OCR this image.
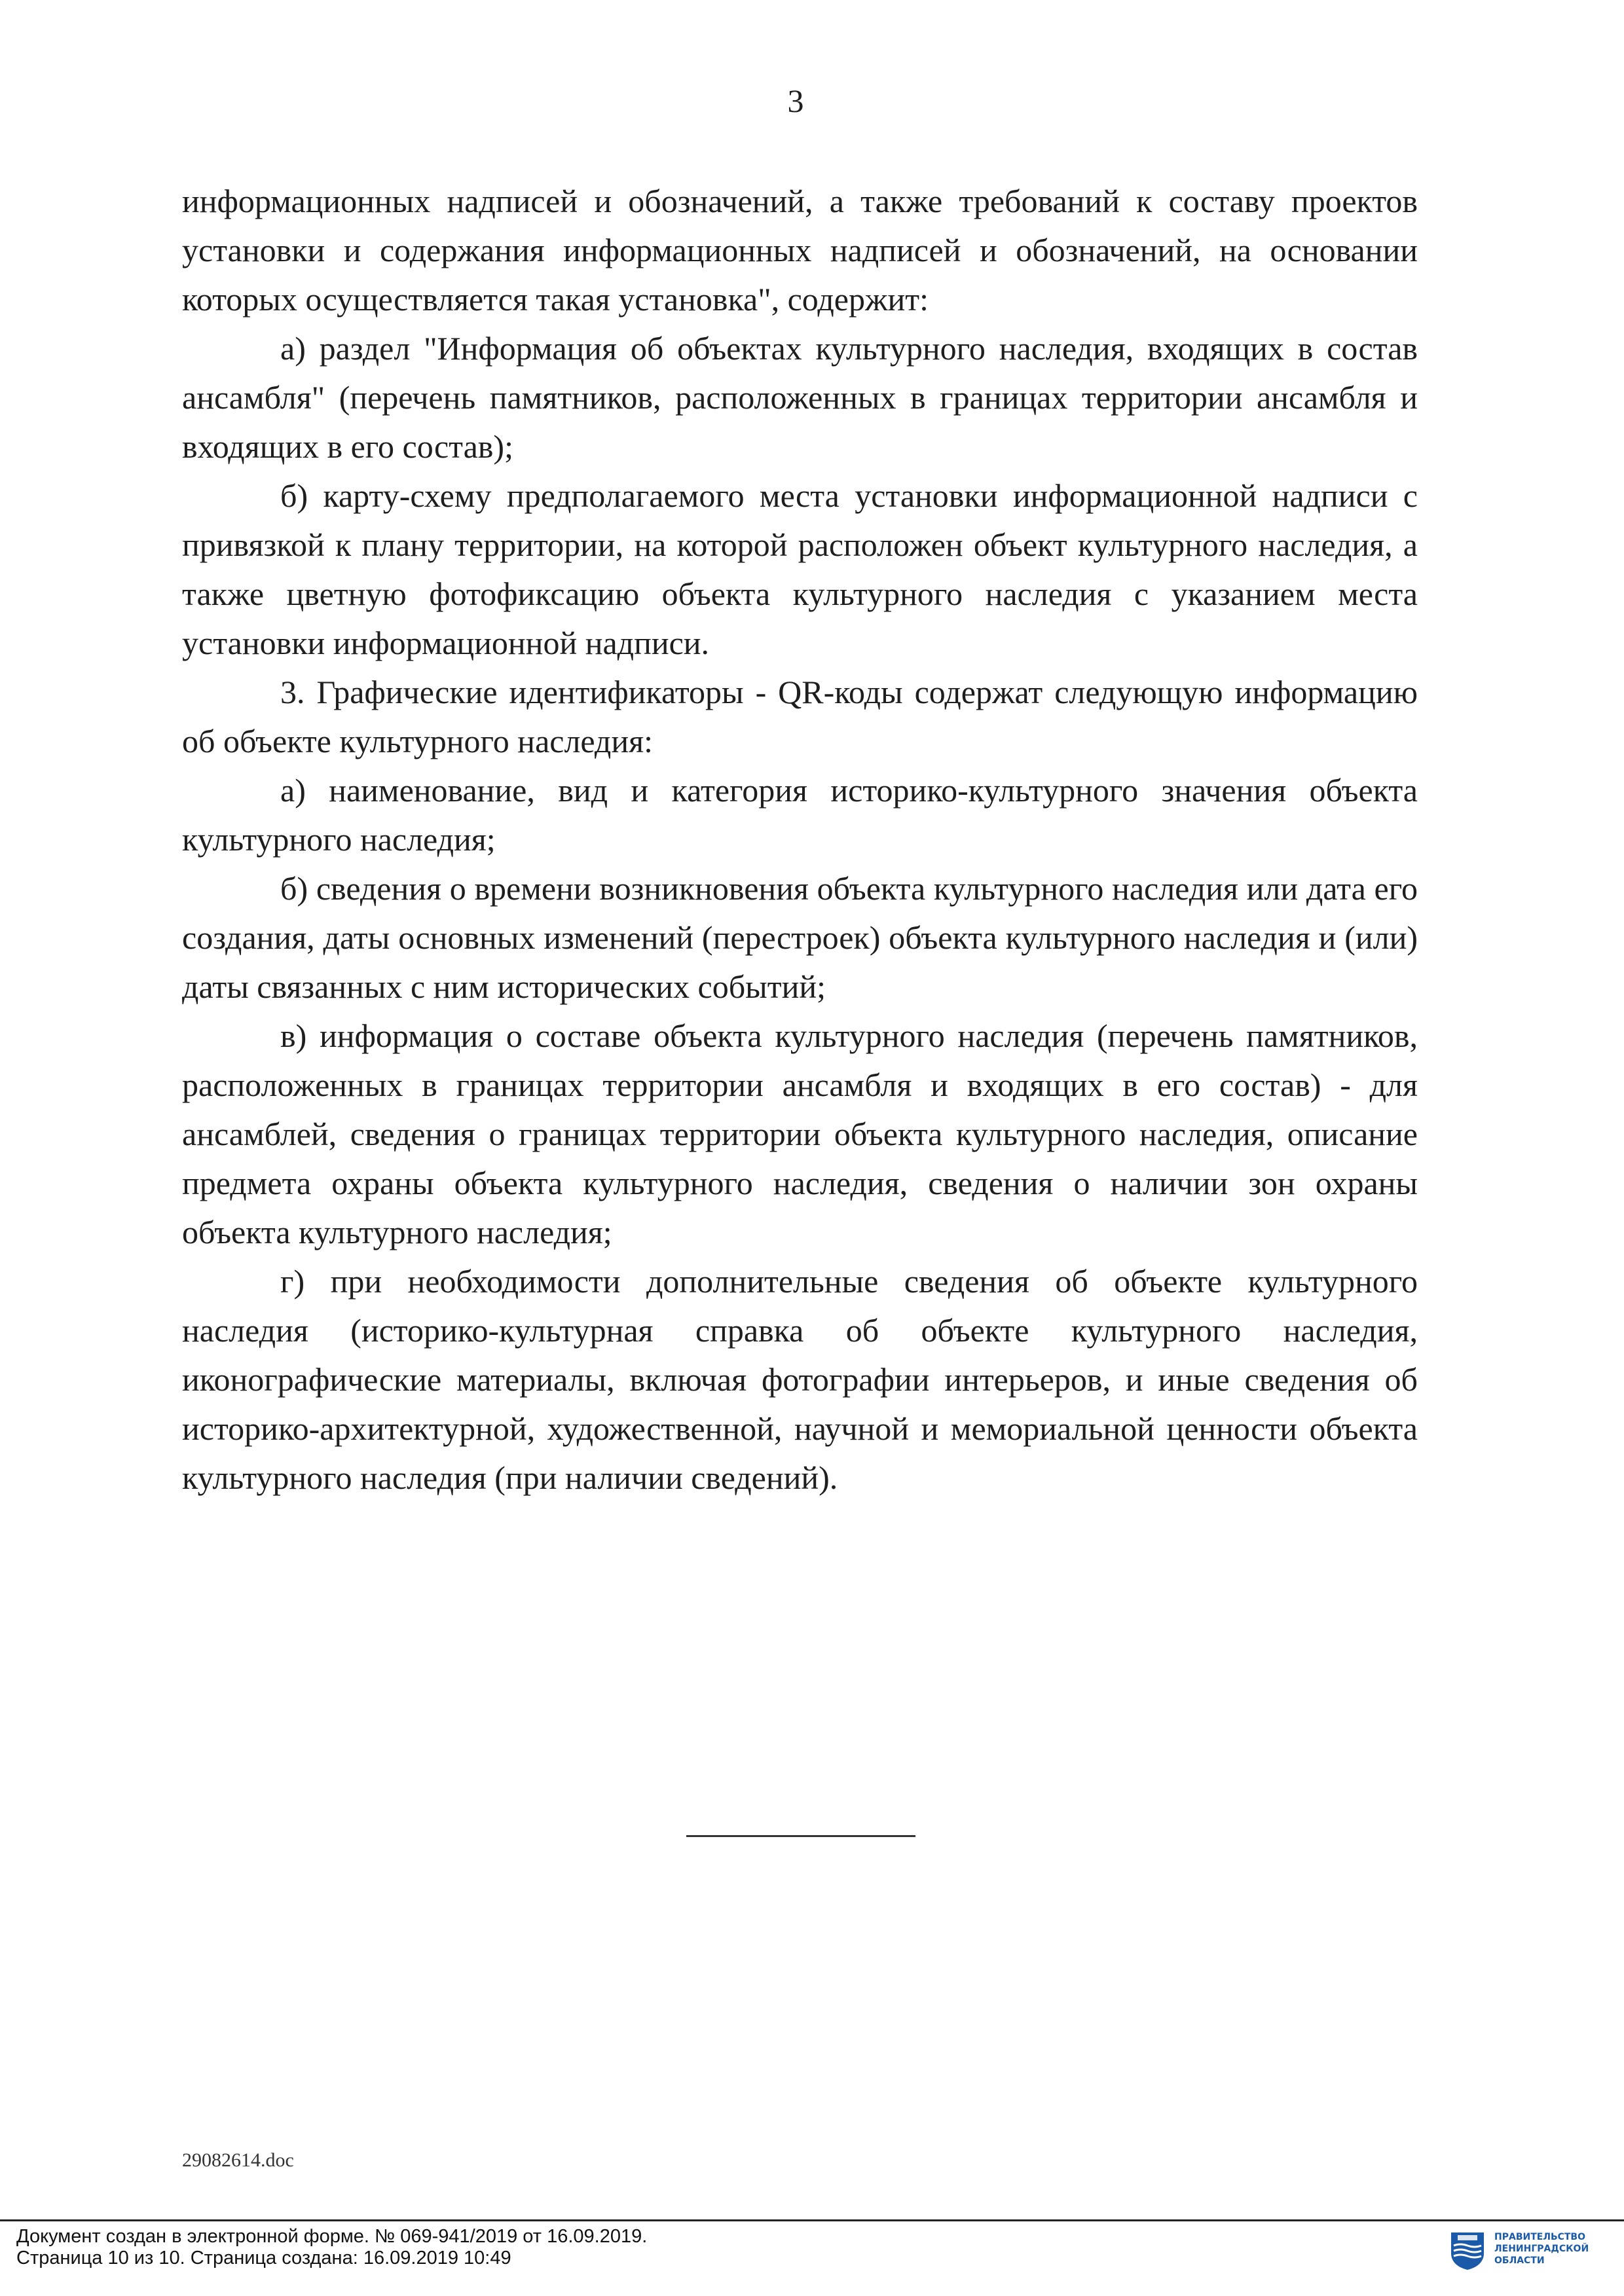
3

информационных надписей и обозначений, а также требований к составу проектов установки и содержания информационных надписей и обозначений, на основании которых осуществляется такая установка", содержит:

а) раздел "Информация об объектах культурного наследия, входящих в состав ансамбля" (перечень памятников, расположенных в границах территории ансамбля и входящих в его состав);

б) карту-схему предполагаемого места установки информационной надписи с привязкой к плану территории, на которой расположен объект культурного наследия, а также цветную фотофиксацию объекта культурного наследия с указанием места установки информационной надписи.

3. Графические идентификаторы - QR-коды содержат следующую информацию об объекте культурного наследия:

а) наименование, вид и категория историко-культурного значения объекта культурного наследия;

б) сведения о времени возникновения объекта культурного наследия или дата его создания, даты основных изменений (перестроек) объекта культурного наследия и (или) даты связанных с ним исторических событий;

в) информация о составе объекта культурного наследия (перечень памятников, расположенных в границах территории ансамбля и входящих в его состав) - для ансамблей, сведения о границах территории объекта культурного наследия, описание предмета охраны объекта культурного наследия, сведения о наличии зон охраны объекта культурного наследия;

г) при необходимости дополнительные сведения об объекте культурного наследия (историко-культурная справка об объекте культурного наследия, иконографические материалы, включая фотографии интерьеров, и иные сведения об историко-архитектурной, художественной, научной и мемориальной ценности объекта культурного наследия (при наличии сведений).

29082614.doc
Документ создан в электронной форме. № 069-941/2019 от 16.09.2019.
Страница 10 из 10. Страница создана: 16.09.2019 10:49
ПРАВИТЕЛЬСТВО
ЛЕНИНГРАДСКОЙ
ОБЛАСТИ
